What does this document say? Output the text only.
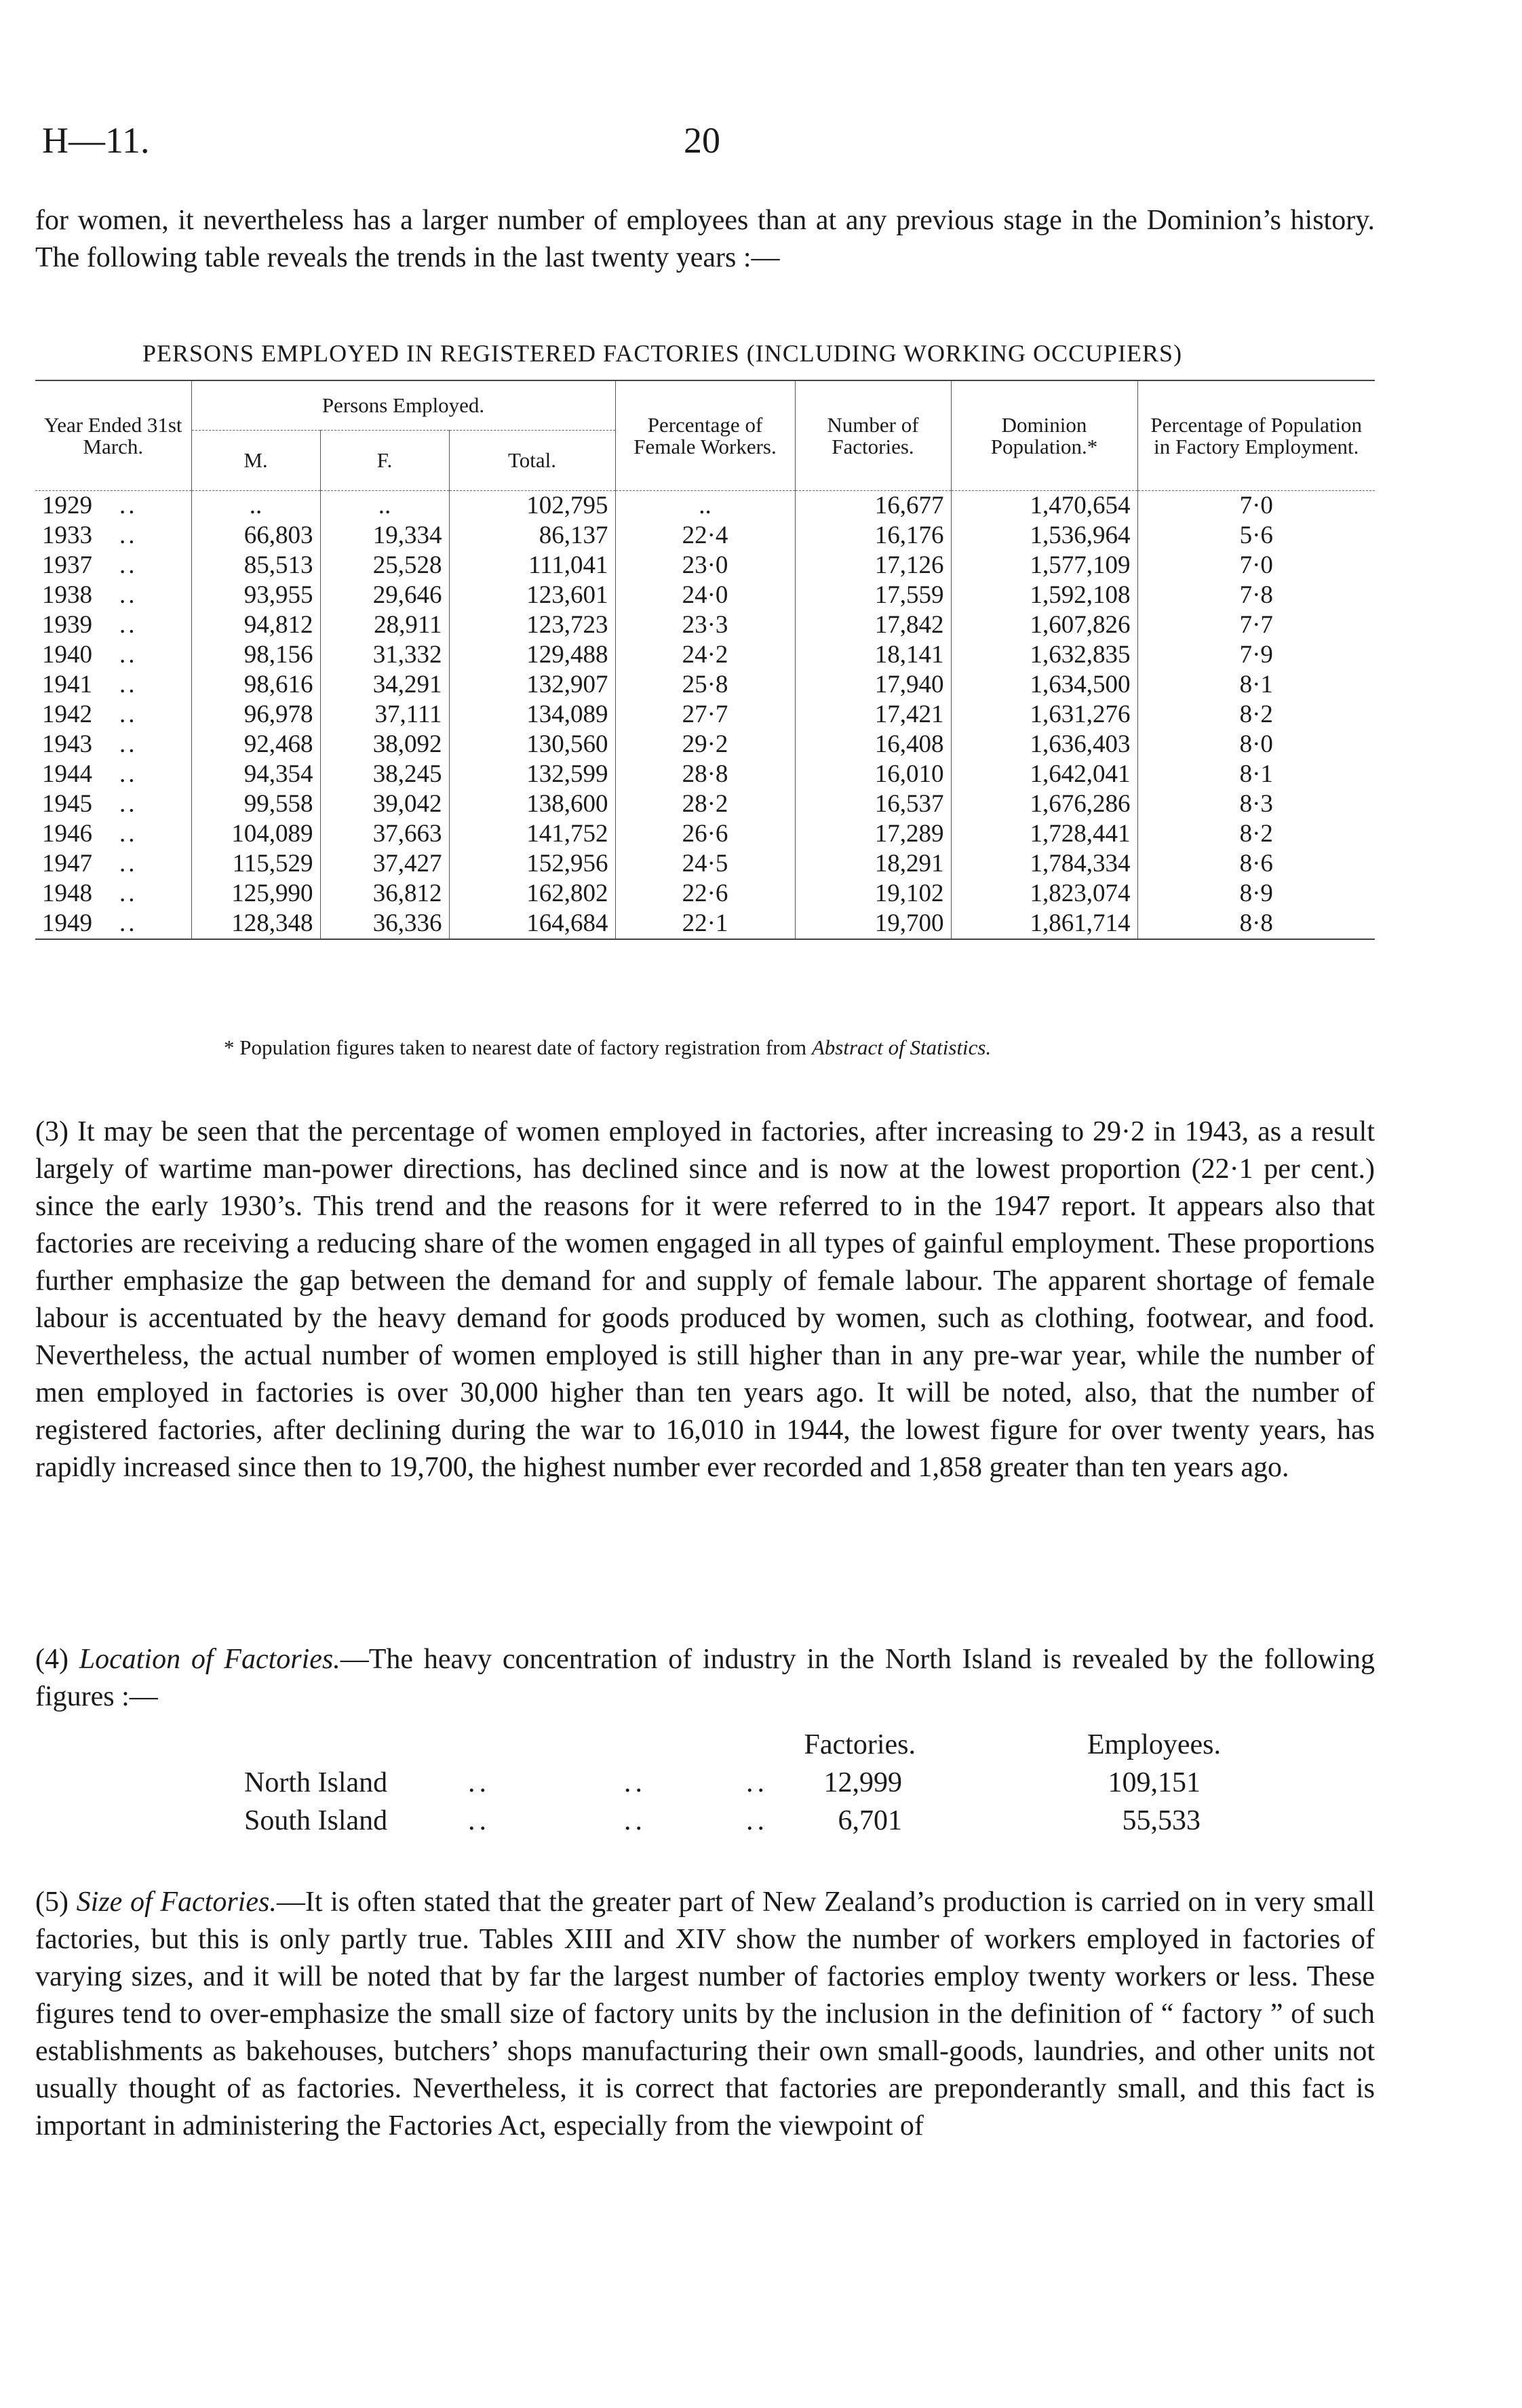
H—11.	20
for women, it nevertheless has a larger number of employees than at any previous stage in the Dominion’s history. The following table reveals the trends in the last twenty years :—
PERSONS EMPLOYED IN REGISTERED FACTORIES (INCLUDING WORKING OCCUPIERS)
Year Ended 31st March.	Persons Employed.			Percentage of Female Workers.	Number of Factories.	Dominion Population.*	Percentage of Population in Factory Employment.
	M.	F.	Total.				
1929 ..	..	..	102,795	..	16,677	1,470,654	7·0
1933 ..	66,803	19,334	86,137	22·4	16,176	1,536,964	5·6
1937 ..	85,513	25,528	111,041	23·0	17,126	1,577,109	7·0
1938 ..	93,955	29,646	123,601	24·0	17,559	1,592,108	7·8
1939 ..	94,812	28,911	123,723	23·3	17,842	1,607,826	7·7
1940 ..	98,156	31,332	129,488	24·2	18,141	1,632,835	7·9
1941 ..	98,616	34,291	132,907	25·8	17,940	1,634,500	8·1
1942 ..	96,978	37,111	134,089	27·7	17,421	1,631,276	8·2
1943 ..	92,468	38,092	130,560	29·2	16,408	1,636,403	8·0
1944 ..	94,354	38,245	132,599	28·8	16,010	1,642,041	8·1
1945 ..	99,558	39,042	138,600	28·2	16,537	1,676,286	8·3
1946 ..	104,089	37,663	141,752	26·6	17,289	1,728,441	8·2
1947 ..	115,529	37,427	152,956	24·5	18,291	1,784,334	8·6
1948 ..	125,990	36,812	162,802	22·6	19,102	1,823,074	8·9
1949 ..	128,348	36,336	164,684	22·1	19,700	1,861,714	8·8

* Population figures taken to nearest date of factory registration from Abstract of Statistics.
(3) It may be seen that the percentage of women employed in factories, after increasing to 29·2 in 1943, as a result largely of wartime man-power directions, has declined since and is now at the lowest proportion (22·1 per cent.) since the early 1930’s. This trend and the reasons for it were referred to in the 1947 report. It appears also that factories are receiving a reducing share of the women engaged in all types of gainful employment. These proportions further emphasize the gap between the demand for and supply of female labour. The apparent shortage of female labour is accentuated by the heavy demand for goods produced by women, such as clothing, footwear, and food. Nevertheless, the actual number of women employed is still higher than in any pre-war year, while the number of men employed in factories is over 30,000 higher than ten years ago. It will be noted, also, that the number of registered factories, after declining during the war to 16,010 in 1944, the lowest figure for over twenty years, has rapidly increased since then to 19,700, the highest number ever recorded and 1,858 greater than ten years ago.
(4) Location of Factories.—The heavy concentration of industry in the North Island is revealed by the following figures :—
Factories.	Employees.
North Island	..	..	..	12,999	109,151
South Island	..	..	..	6,701	55,533
(5) Size of Factories.—It is often stated that the greater part of New Zealand’s production is carried on in very small factories, but this is only partly true. Tables XIII and XIV show the number of workers employed in factories of varying sizes, and it will be noted that by far the largest number of factories employ twenty workers or less. These figures tend to over-emphasize the small size of factory units by the inclusion in the definition of “ factory ” of such establishments as bakehouses, butchers’ shops manufacturing their own small-goods, laundries, and other units not usually thought of as factories. Nevertheless, it is correct that factories are preponderantly small, and this fact is important in administering the Factories Act, especially from the viewpoint of
